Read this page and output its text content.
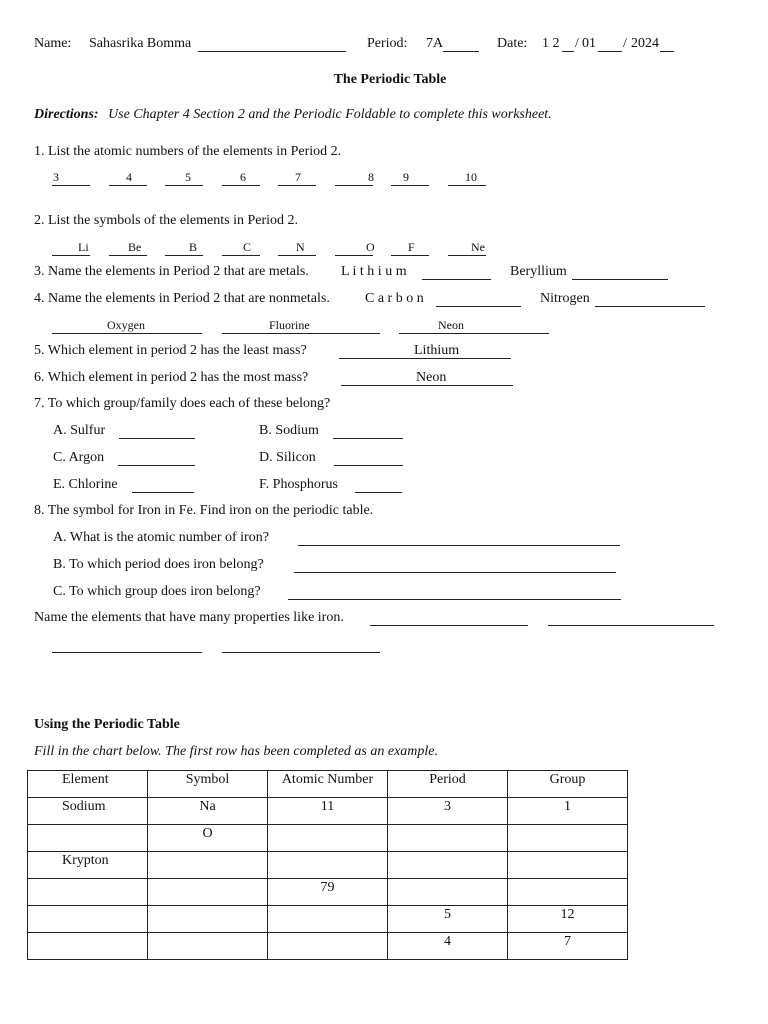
Name: Sahasrika Bomma	Period: 7A	Date: 1 2 / 01 / 2024
The Periodic Table
Directions: Use Chapter 4 Section 2 and the Periodic Foldable to complete this worksheet.
1. List the atomic numbers of the elements in Period 2.
3	4	5	6	7	8 9	10
2. List the symbols of the elements in Period 2.
Li	Be	B	C	N	O	F	Ne
3. Name the elements in Period 2 that are metals. L i t h i u m	Beryllium
4. Name the elements in Period 2 that are nonmetals.	C a r b o n	Nitrogen
Oxygen	Fluorine	Neon
5. Which element in period 2 has the least mass?	Lithium
6. Which element in period 2 has the most mass?	Neon
7. To which group/family does each of these belong?
A. Sulfur	B. Sodium
C. Argon	D. Silicon
E. Chlorine	F. Phosphorus
8. The symbol for Iron in Fe. Find iron on the periodic table.
A. What is the atomic number of iron?
B. To which period does iron belong?
C. To which group does iron belong?
Name the elements that have many properties like iron.
Using the Periodic Table
Fill in the chart below. The first row has been completed as an example.
Element	Symbol	Atomic Number	Period	Group
Sodium	Na	11	3	1
	O			
Krypton				
		79		
			5	12
			4	7
